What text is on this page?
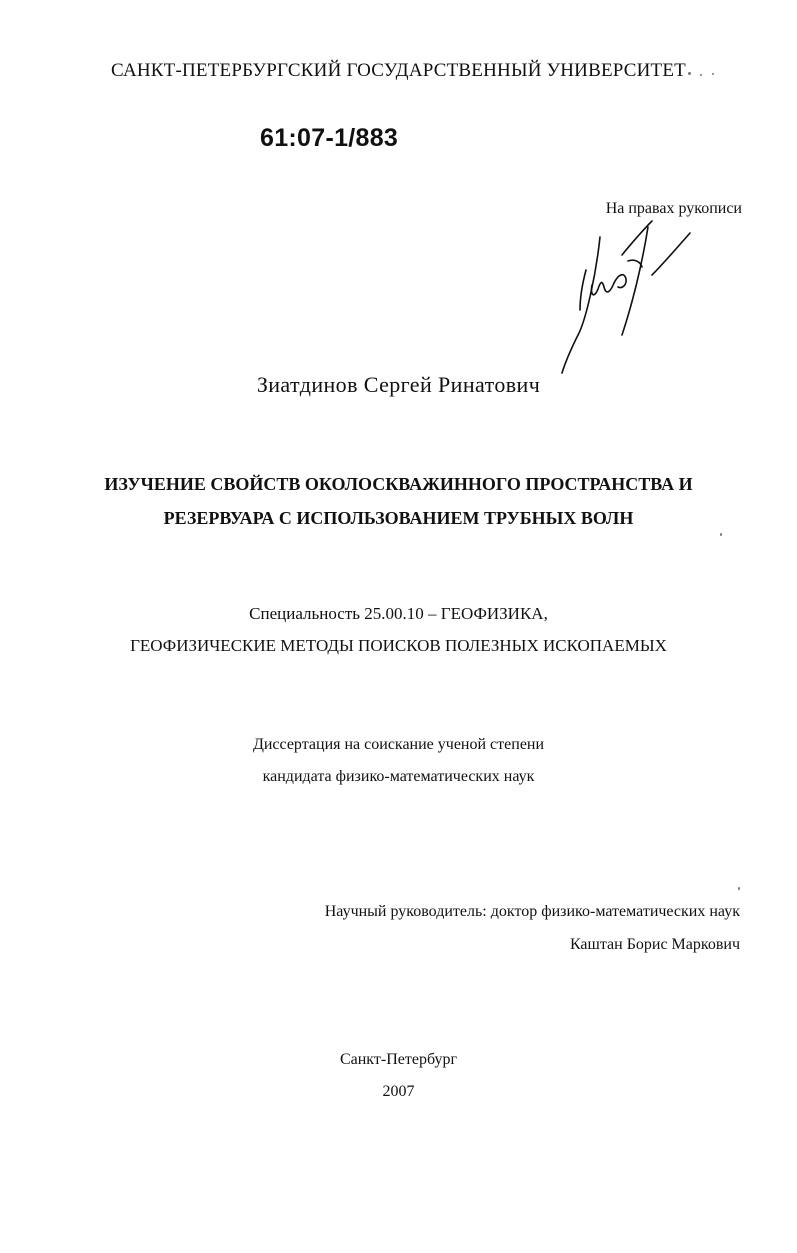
САНКТ-ПЕТЕРБУРГСКИЙ ГОСУДАРСТВЕННЫЙ УНИВЕРСИТЕТ
61:07-1/883
На правах рукописи
Зиатдинов Сергей Ринатович
ИЗУЧЕНИЕ СВОЙСТВ ОКОЛОСКВАЖИННОГО ПРОСТРАНСТВА И
РЕЗЕРВУАРА С ИСПОЛЬЗОВАНИЕМ ТРУБНЫХ ВОЛН
Специальность 25.00.10 – ГЕОФИЗИКА,
ГЕОФИЗИЧЕСКИЕ МЕТОДЫ ПОИСКОВ ПОЛЕЗНЫХ ИСКОПАЕМЫХ
Диссертация на соискание ученой степени
кандидата физико-математических наук
Научный руководитель: доктор физико-математических наук
Каштан Борис Маркович
Санкт-Петербург
2007
